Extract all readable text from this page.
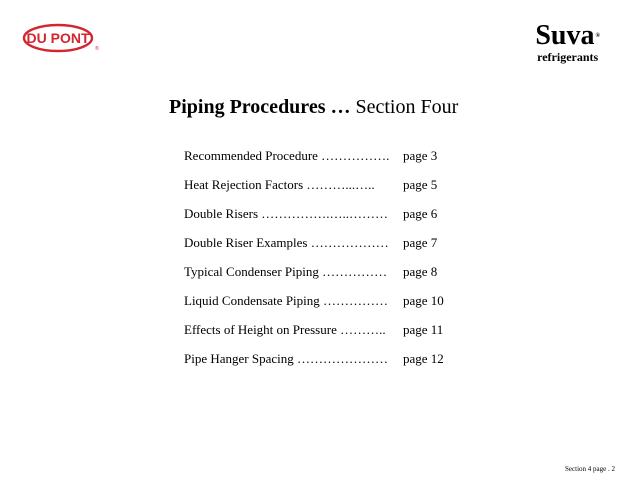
DU PONT
®	Suva®
refrigerants
Piping Procedures … Section Four
Recommended Procedure ……………. page 3
Heat Rejection Factors ………...….. page 5
Double Risers …………….…..……… page 6
Double Riser Examples ……………… page 7
Typical Condenser Piping …………… page 8
Liquid Condensate Piping …………… page 10
Effects of Height on Pressure ……….. page 11
Pipe Hanger Spacing ………………… page 12
Section 4 page . 2
